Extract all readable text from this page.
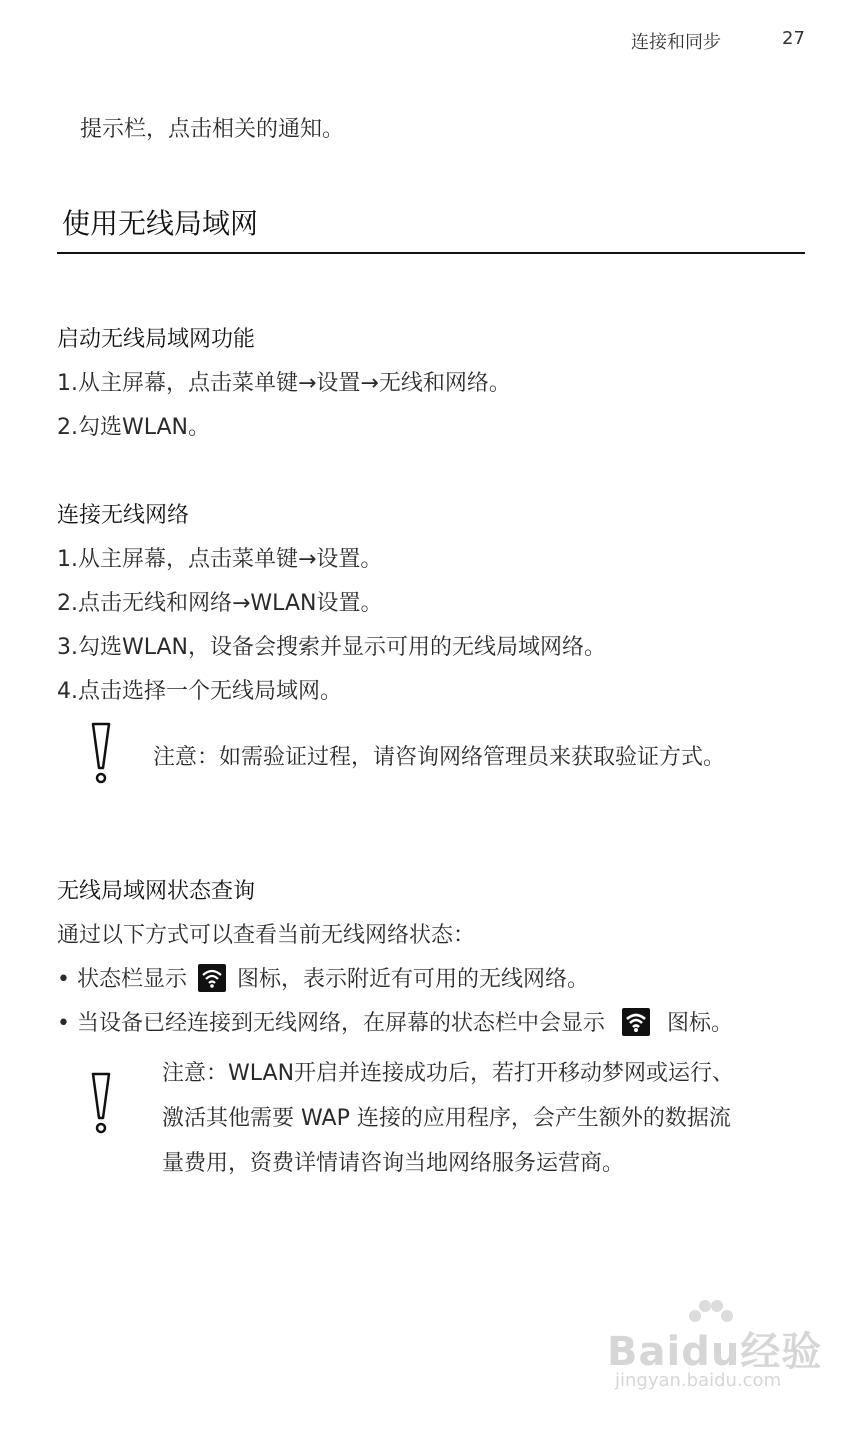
连接和同步	27
提示栏，点击相关的通知。
使用无线局域网
启动无线局域网功能
1.从主屏幕，点击菜单键→设置→无线和网络。
2.勾选WLAN。
连接无线网络
1.从主屏幕，点击菜单键→设置。
2.点击无线和网络→WLAN设置。
3.勾选WLAN，设备会搜索并显示可用的无线局域网络。
4.点击选择一个无线局域网。
注意：如需验证过程，请咨询网络管理员来获取验证方式。
无线局域网状态查询
通过以下方式可以查看当前无线网络状态：
• 状态栏显示 图标，表示附近有可用的无线网络。
• 当设备已经连接到无线网络，在屏幕的状态栏中会显示	图标。
注意：WLAN开启并连接成功后，若打开移动梦网或运行、
激活其他需要 WAP 连接的应用程序，会产生额外的数据流
量费用，资费详情请咨询当地网络服务运营商。
Baidu经验
jingyan.baidu.com
